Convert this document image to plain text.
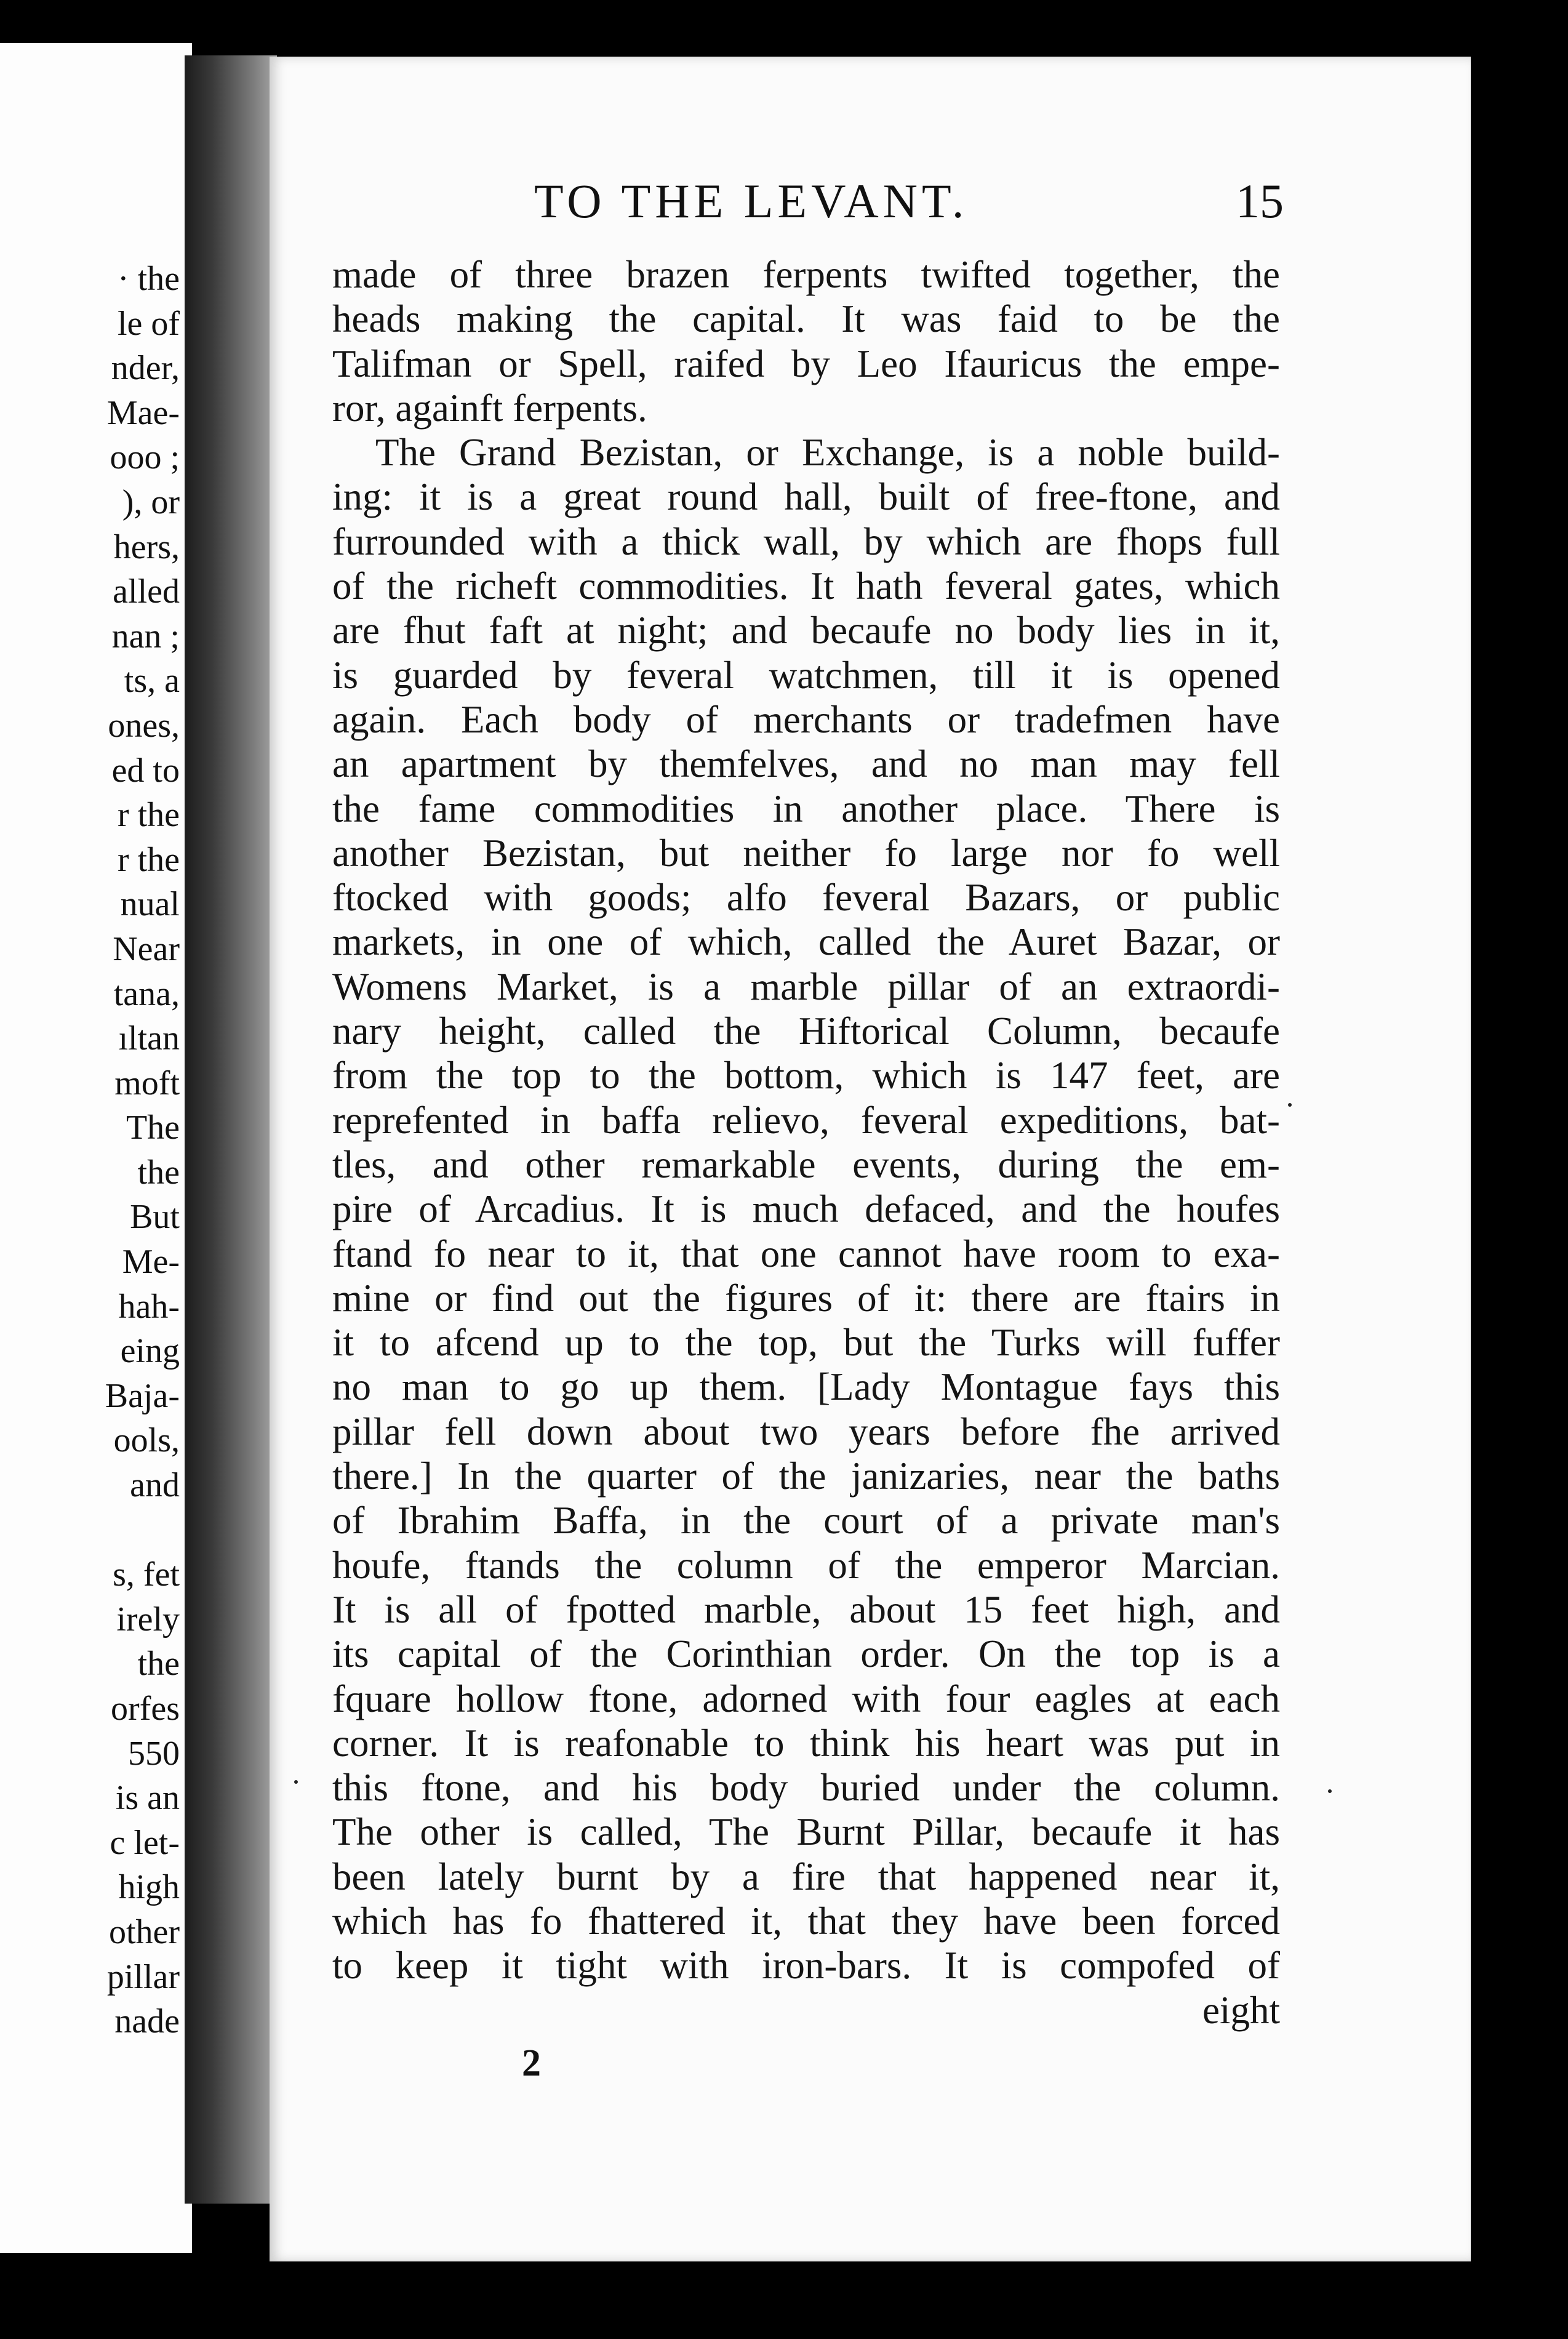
· the
le of
nder,
Mae-
ooo ;
), or
hers,
alled
nan ;
ts, a
ones,
ed to
r the
r the
nual
Near
tana,
ıltan
moft
The
the
But
Me-
hah-
eing
Baja-
ools,
and

s, fet
irely
the
orfes
550
is an
c let-
high
other
pillar
nade
TO THE LEVANT.	15
made of three brazen ferpents twifted together, the
heads making the capital. It was faid to be the
Talifman or Spell, raifed by Leo Ifauricus the empe-
ror, againft ferpents.
The Grand Bezistan, or Exchange, is a noble build-
ing: it is a great round hall, built of free-ftone, and
furrounded with a thick wall, by which are fhops full
of the richeft commodities. It hath feveral gates, which
are fhut faft at night; and becaufe no body lies in it,
is guarded by feveral watchmen, till it is opened
again. Each body of merchants or tradefmen have
an apartment by themfelves, and no man may fell
the fame commodities in another place. There is
another Bezistan, but neither fo large nor fo well
ftocked with goods; alfo feveral Bazars, or public
markets, in one of which, called the Auret Bazar, or
Womens Market, is a marble pillar of an extraordi-
nary height, called the Hiftorical Column, becaufe
from the top to the bottom, which is 147 feet, are
reprefented in baffa relievo, feveral expeditions, bat-
tles, and other remarkable events, during the em-
pire of Arcadius. It is much defaced, and the houfes
ftand fo near to it, that one cannot have room to exa-
mine or find out the figures of it: there are ftairs in
it to afcend up to the top, but the Turks will fuffer
no man to go up them. [Lady Montague fays this
pillar fell down about two years before fhe arrived
there.] In the quarter of the janizaries, near the baths
of Ibrahim Baffa, in the court of a private man's
houfe, ftands the column of the emperor Marcian.
It is all of fpotted marble, about 15 feet high, and
its capital of the Corinthian order. On the top is a
fquare hollow ftone, adorned with four eagles at each
corner. It is reafonable to think his heart was put in
this ftone, and his body buried under the column.
The other is called, The Burnt Pillar, becaufe it has
been lately burnt by a fire that happened near it,
which has fo fhattered it, that they have been forced
to keep it tight with iron-bars. It is compofed of
eight
2
